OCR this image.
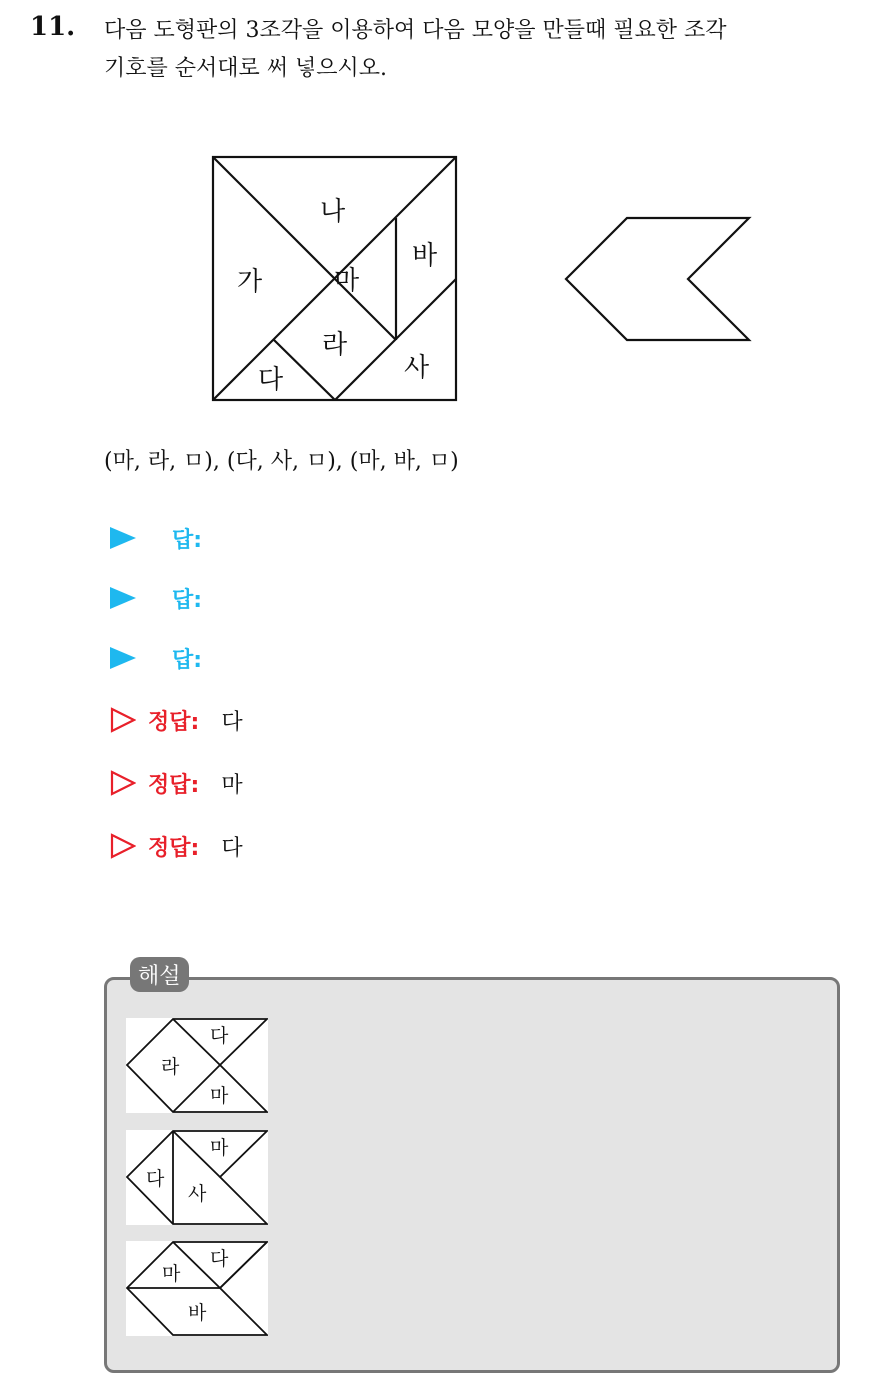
11. 다음 도형판의 3조각을 이용하여 다음 모양을 만들때 필요한 조각
기호를 순서대로 써 넣으시오.
가
나
바
마
라
사
다
(마, 라, ㅁ), (다, 사, ㅁ), (마, 바, ㅁ)
답:
답:
답:
정답: 다
정답: 마
정답: 다
해설
다
라
마
마
다
사
다
마
바
